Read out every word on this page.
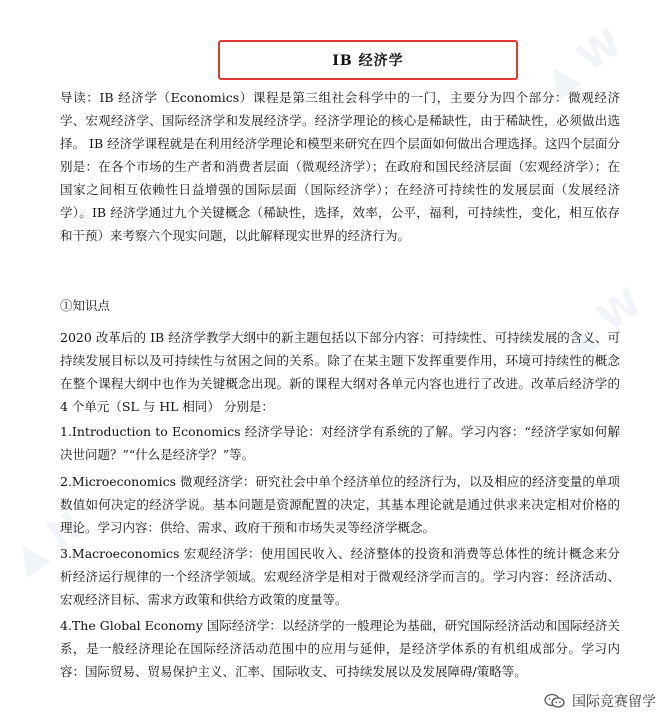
▲ W
▲ W
▲ N
IB 经济学

导读：IB 经济学（Economics）课程是第三组社会科学中的一门，主要分为四个部分：微观经济学、宏观经济学、国际经济学和发展经济学。经济学理论的核心是稀缺性，由于稀缺性，必须做出选择。 IB 经济学课程就是在利用经济学理论和模型来研究在四个层面如何做出合理选择。这四个层面分别是：在各个市场的生产者和消费者层面（微观经济学）；在政府和国民经济层面（宏观经济学）；在国家之间相互依赖性日益增强的国际层面（国际经济学）；在经济可持续性的发展层面（发展经济学）。IB 经济学通过九个关键概念（稀缺性，选择，效率，公平，福利，可持续性，变化，相互依存和干预）来考察六个现实问题，以此解释现实世界的经济行为。

①知识点

2020 改革后的 IB 经济学教学大纲中的新主题包括以下部分内容：可持续性、可持续发展的含义、可持续发展目标以及可持续性与贫困之间的关系。除了在某主题下发挥重要作用，环境可持续性的概念在整个课程大纲中也作为关键概念出现。新的课程大纲对各单元内容也进行了改进。改革后经济学的 4 个单元（SL 与 HL 相同） 分别是：

1.Introduction to Economics 经济学导论：对经济学有系统的了解。学习内容：“经济学家如何解决世问题？”“什么是经济学？”等。

2.Microeconomics 微观经济学：研究社会中单个经济单位的经济行为，以及相应的经济变量的单项数值如何决定的经济学说。基本问题是资源配置的决定，其基本理论就是通过供求来决定相对价格的理论。学习内容：供给、需求、政府干预和市场失灵等经济学概念。

3.Macroeconomics 宏观经济学：使用国民收入、经济整体的投资和消费等总体性的统计概念来分析经济运行规律的一个经济学领域。宏观经济学是相对于微观经济学而言的。学习内容：经济活动、宏观经济目标、需求方政策和供给方政策的度量等。

4.The Global Economy 国际经济学：以经济学的一般理论为基础，研究国际经济活动和国际经济关系，是一般经济理论在国际经济活动范围中的应用与延伸，是经济学体系的有机组成部分。学习内容：国际贸易、贸易保护主义、汇率、国际收支、可持续发展以及发展障碍/策略等。

国际竞赛留学
